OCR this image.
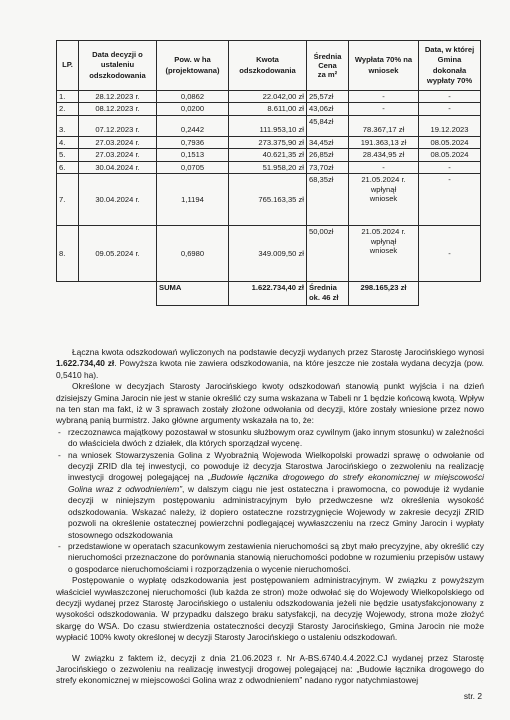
LP.	Data decyzji o ustaleniu odszkodowania	Pow. w ha (projektowana)	Kwota odszkodowania	Średnia
Cena
za m²	Wypłata 70% na wniosek	Data, w której Gmina dokonała wypłaty 70%
1.	28.12.2023 r.	0,0862	22.042,00 zł	25,57zł	-	-
2.	08.12.2023 r.	0,0200	8.611,00 zł	43,06zł	-	-
3.	07.12.2023 r.	0,2442	111.953,10 zł	45,84zł	78.367,17 zł	19.12.2023
4.	27.03.2024 r.	0,7936	273.375,90 zł	34,45zł	191.363,13 zł	08.05.2024
5.	27.03.2024 r.	0,1513	40.621,35 zł	26,85zł	28.434,95 zł	08.05.2024
6.	30.04.2024 r.	0,0705	51.958,20 zł	73,70zł	-	-
7.	30.04.2024 r.	1,1194	765.163,35 zł	68,35zł	21.05.2024 r.
wpłynął
wniosek	-
8.	09.05.2024 r.	0,6980	349.009,50 zł	50,00zł	21.05.2024 r.
wpłynął
wniosek	-
		SUMA	1.622.734,40 zł	Średnia
ok. 46 zł	298.165,23 zł	

Łączna kwota odszkodowań wyliczonych na podstawie decyzji wydanych przez Starostę Jarocińskiego wynosi 1.622.734,40 zł. Powyższa kwota nie zawiera odszkodowania, na które jeszcze nie została wydana decyzja (pow. 0,5410 ha).

Określone w decyzjach Starosty Jarocińskiego kwoty odszkodowań stanowią punkt wyjścia i na dzień dzisiejszy Gmina Jarocin nie jest w stanie określić czy suma wskazana w Tabeli nr 1 będzie końcową kwotą. Wpływ na ten stan ma fakt, iż w 3 sprawach zostały złożone odwołania od decyzji, które zostały wniesione przez nowo wybraną panią burmistrz. Jako główne argumenty wskazała na to, że:

- rzeczoznawca majątkowy pozostawał w stosunku służbowym oraz cywilnym (jako innym stosunku) w zależności do właściciela dwóch z działek, dla których sporządzał wycenę.

- na wniosek Stowarzyszenia Golina z Wyobraźnią Wojewoda Wielkopolski prowadzi sprawę o odwołanie od decyzji ZRID dla tej inwestycji, co powoduje iż decyzja Starostwa Jarocińskiego o zezwoleniu na realizację inwestycji drogowej polegającej na „Budowie łącznika drogowego do strefy ekonomicznej w miejscowości Golina wraz z odwodnieniem”, w dalszym ciągu nie jest ostateczna i prawomocna, co powoduje iż wydanie decyzji w niniejszym postępowaniu administracyjnym było przedwczesne w/z określenia wysokość odszkodowania. Wskazać należy, iż dopiero ostateczne rozstrzygnięcie Wojewody w zakresie decyzji ZRID pozwoli na określenie ostatecznej powierzchni podlegającej wywłaszczeniu na rzecz Gminy Jarocin i wypłaty stosownego odszkodowania

- przedstawione w operatach szacunkowym zestawienia nieruchomości są zbyt mało precyzyjne, aby określić czy nieruchomości przeznaczone do porównania stanowią nieruchomości podobne w rozumieniu przepisów ustawy o gospodarce nieruchomościami i rozporządzenia o wycenie nieruchomości.

Postępowanie o wypłatę odszkodowania jest postępowaniem administracyjnym. W związku z powyższym właściciel wywłaszczonej nieruchomości (lub każda ze stron) może odwołać się do Wojewody Wielkopolskiego od decyzji wydanej przez Starostę Jarocińskiego o ustaleniu odszkodowania jeżeli nie będzie usatysfakcjonowany z wysokości odszkodowania. W przypadku dalszego braku satysfakcji, na decyzję Wojewody, strona może złożyć skargę do WSA. Do czasu stwierdzenia ostateczności decyzji Starosty Jarocińskiego, Gmina Jarocin nie może wypłacić 100% kwoty określonej w decyzji Starosty Jarocińskiego o ustaleniu odszkodowań.

W związku z faktem iż, decyzji z dnia 21.06.2023 r. Nr A-BS.6740.4.4.2022.CJ wydanej przez Starostę Jarocińskiego o zezwoleniu na realizację inwestycji drogowej polegającej na: „Budowie łącznika drogowego do strefy ekonomicznej w miejscowości Golina wraz z odwodnieniem” nadano rygor natychmiastowej

str. 2
